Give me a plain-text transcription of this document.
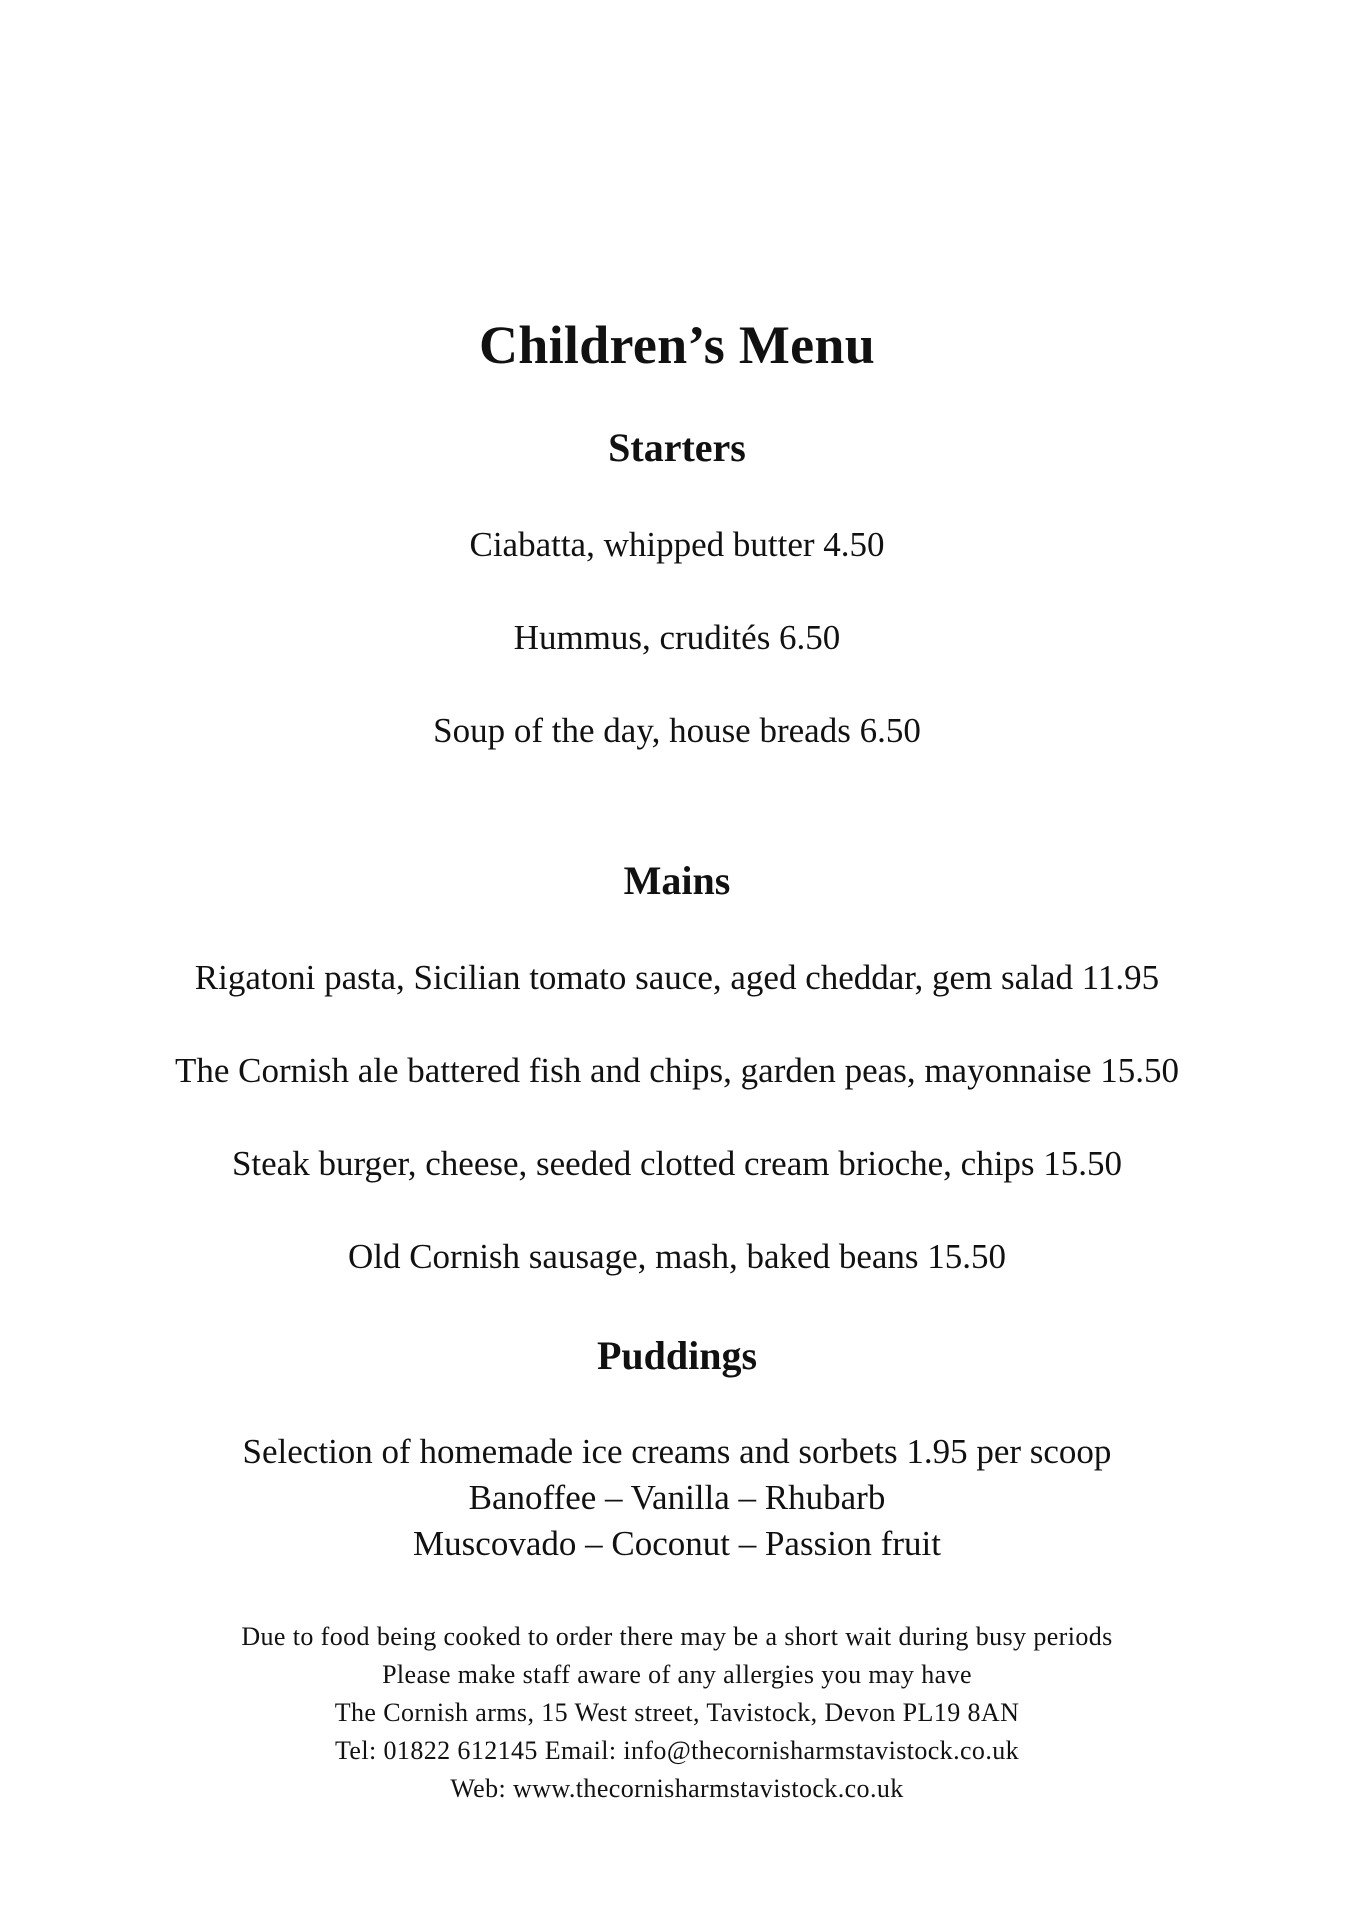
Children’s Menu
Starters
Ciabatta, whipped butter 4.50
Hummus, crudités 6.50
Soup of the day, house breads 6.50
Mains
Rigatoni pasta, Sicilian tomato sauce, aged cheddar, gem salad 11.95
The Cornish ale battered fish and chips, garden peas, mayonnaise 15.50
Steak burger, cheese, seeded clotted cream brioche, chips 15.50
Old Cornish sausage, mash, baked beans 15.50
Puddings
Selection of homemade ice creams and sorbets 1.95 per scoop
Banoffee – Vanilla – Rhubarb
Muscovado – Coconut – Passion fruit
Due to food being cooked to order there may be a short wait during busy periods
Please make staff aware of any allergies you may have
The Cornish arms, 15 West street, Tavistock, Devon PL19 8AN
Tel: 01822 612145 Email: info@thecornisharmstavistock.co.uk
Web: www.thecornisharmstavistock.co.uk
